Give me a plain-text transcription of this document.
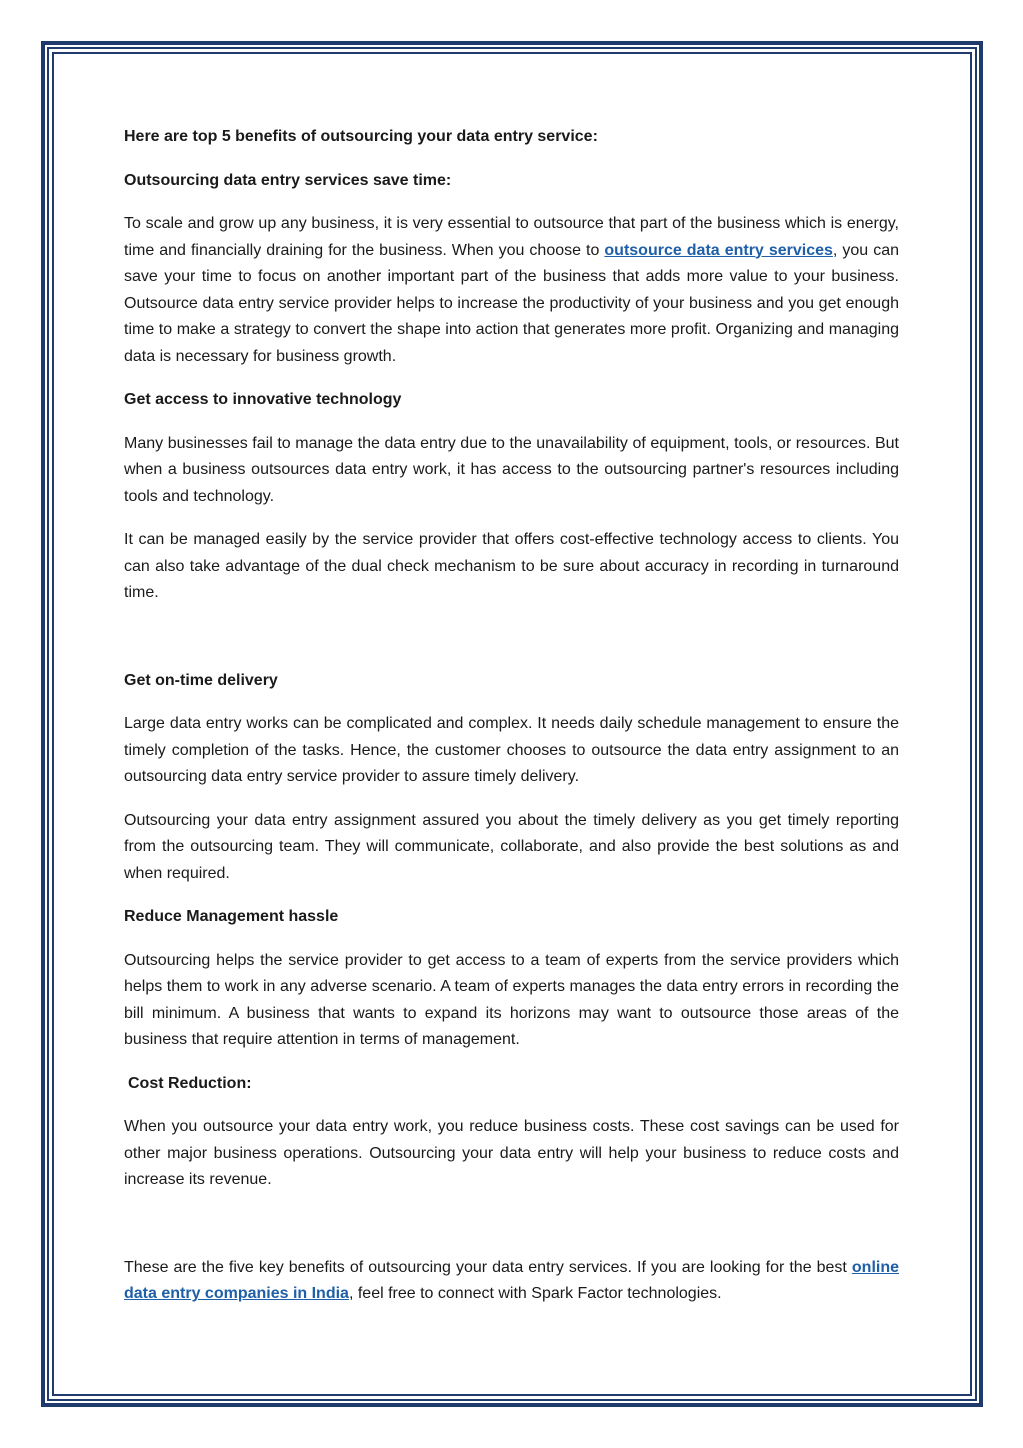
Here are top 5 benefits of outsourcing your data entry service:

Outsourcing data entry services save time:

To scale and grow up any business, it is very essential to outsource that part of the business which is energy, time and financially draining for the business. When you choose to outsource data entry services, you can save your time to focus on another important part of the business that adds more value to your business. Outsource data entry service provider helps to increase the productivity of your business and you get enough time to make a strategy to convert the shape into action that generates more profit. Organizing and managing data is necessary for business growth.

Get access to innovative technology

Many businesses fail to manage the data entry due to the unavailability of equipment, tools, or resources. But when a business outsources data entry work, it has access to the outsourcing partner's resources including tools and technology.

It can be managed easily by the service provider that offers cost-effective technology access to clients. You can also take advantage of the dual check mechanism to be sure about accuracy in recording in turnaround time.

Get on-time delivery

Large data entry works can be complicated and complex. It needs daily schedule management to ensure the timely completion of the tasks. Hence, the customer chooses to outsource the data entry assignment to an outsourcing data entry service provider to assure timely delivery.

Outsourcing your data entry assignment assured you about the timely delivery as you get timely reporting from the outsourcing team. They will communicate, collaborate, and also provide the best solutions as and when required.

Reduce Management hassle

Outsourcing helps the service provider to get access to a team of experts from the service providers which helps them to work in any adverse scenario. A team of experts manages the data entry errors in recording the bill minimum. A business that wants to expand its horizons may want to outsource those areas of the business that require attention in terms of management.

Cost Reduction:

When you outsource your data entry work, you reduce business costs. These cost savings can be used for other major business operations. Outsourcing your data entry will help your business to reduce costs and increase its revenue.

These are the five key benefits of outsourcing your data entry services. If you are looking for the best online data entry companies in India, feel free to connect with Spark Factor technologies.
